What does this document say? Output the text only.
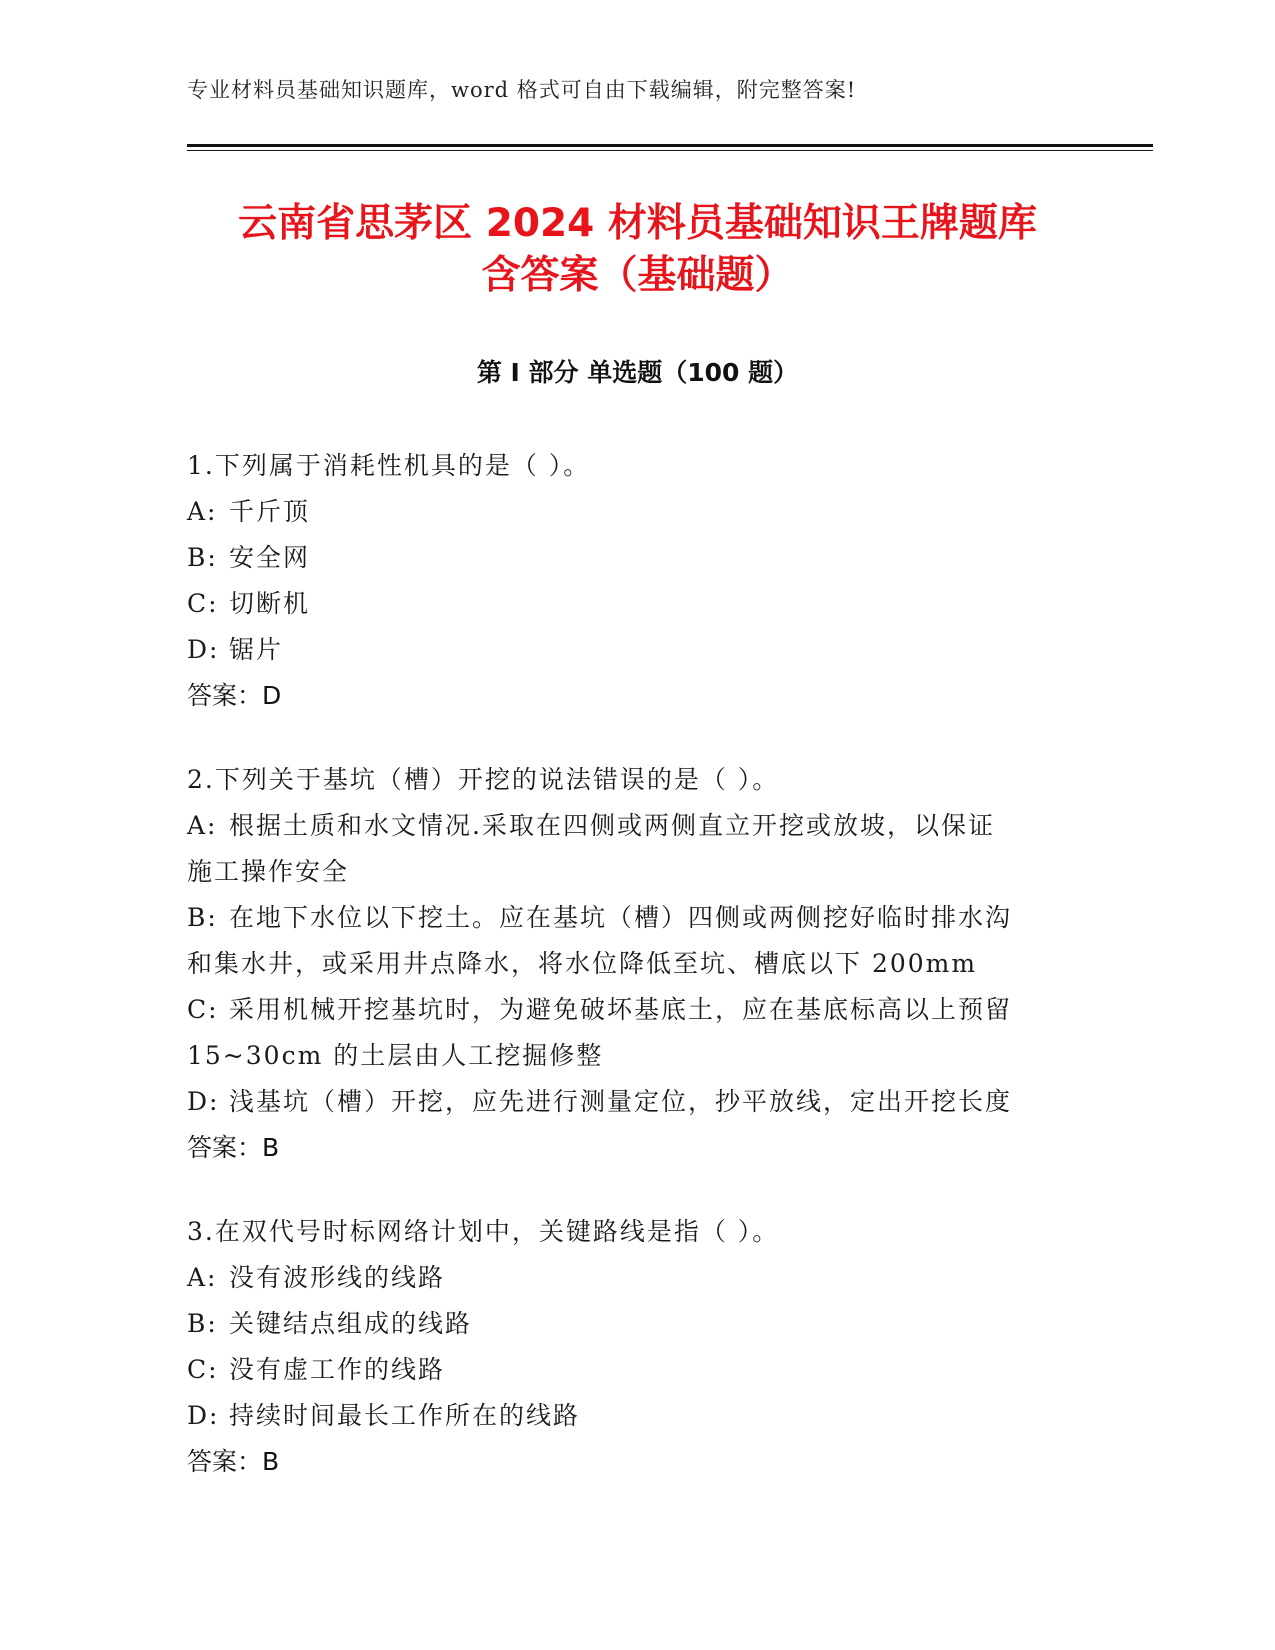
专业材料员基础知识题库，word 格式可自由下载编辑，附完整答案!
云南省思茅区 2024 材料员基础知识王牌题库
含答案（基础题）
第 I 部分 单选题（100 题）
1.下列属于消耗性机具的是（ ）。
A: 千斤顶
B: 安全网
C: 切断机
D: 锯片
答案：D
2.下列关于基坑（槽）开挖的说法错误的是（ ）。
A: 根据土质和水文情况.采取在四侧或两侧直立开挖或放坡，以保证
施工操作安全
B: 在地下水位以下挖土。应在基坑（槽）四侧或两侧挖好临时排水沟
和集水井，或采用井点降水，将水位降低至坑、槽底以下 200mm
C: 采用机械开挖基坑时，为避免破坏基底土，应在基底标高以上预留
15~30cm 的土层由人工挖掘修整
D: 浅基坑（槽）开挖，应先进行测量定位，抄平放线，定出开挖长度
答案：B
3.在双代号时标网络计划中，关键路线是指（ ）。
A: 没有波形线的线路
B: 关键结点组成的线路
C: 没有虚工作的线路
D: 持续时间最长工作所在的线路
答案：B
